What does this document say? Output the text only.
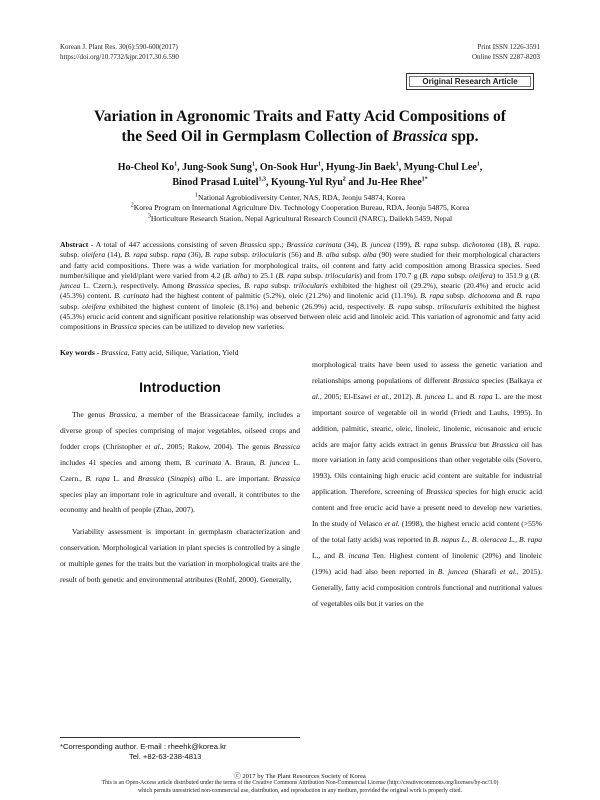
Korean J. Plant Res. 30(6):590-600(2017)
https://doi.org/10.7732/kjpr.2017.30.6.590
Print ISSN 1226-3591
Online ISSN 2287-8203
Original Research Article
Variation in Agronomic Traits and Fatty Acid Compositions of
the Seed Oil in Germplasm Collection of Brassica spp.
Ho-Cheol Ko$^1$, Jung-Sook Sung$^1$, On-Sook Hur$^1$, Hyung-Jin Baek$^1$, Myung-Chul Lee$^1$,
Binod Prasad Luitel$^{1,3}$, Kyoung-Yul Ryu$^2$ and Ju-Hee Rhee$^{1*}$
$^1$National Agrobiodiversity Center, NAS, RDA, Jeonju 54874, Korea
$^2$Korea Program on International Agriculture Div. Technology Cooperation Bureau, RDA, Jeonju 54875, Korea
$^3$Horticulture Research Station, Nepal Agricultural Research Council (NARC), Dailekh 5459, Nepal
Abstract - A total of 447 accessions consisting of seven Brassica spp.; Brassica carinata (34), B. juncea (199), B. rapa subsp. dichotoma (18), B. rapa. subsp. oleifera (14), B. rapa subsp. rapa (36), B. rapa subsp. trilocularis (56) and B. alba subsp. alba (90) were studied for their morphological characters and fatty acid compositions. There was a wide variation for morphological traits, oil content and fatty acid composition among Brassica species. Seed number/silique and yield/plant were varied from 4.2 (B. alba) to 25.1 (B. rapa subsp. trilocularis) and from 170.7 g (B. rapa subsp. oleifera) to 351.9 g (B. juncea L. Czern.), respectively. Among Brassica species, B. rapa subsp. trilocularis exhibited the highest oil (29.2%), stearic (20.4%) and erucic acid (45.3%) content. B. carinata had the highest content of palmitic (5.2%), oleic (21.2%) and linolenic acid (11.1%). B. rapa subsp. dichotoma and B. rapa subsp. oleifera exhibited the highest content of linoleic (8.1%) and behenic (26.9%) acid, respectively. B. rapa subsp. trilocularis exhibited the highest (45.3%) erucic acid content and significant positive relationship was observed between oleic acid and linoleic acid. This variation of agronomic and fatty acid compositions in Brassica species can be utilized to develop new varieties.
Key words - Brassica, Fatty acid, Silique, Variation, Yield
Introduction

The genus Brassica, a member of the Brassicaceae family, includes a diverse group of species comprising of major vegetables, oilseed crops and fodder crops (Christopher et al., 2005; Rakow, 2004). The genus Brassica includes 41 species and among them, B. carinata A. Braun, B. juncea L. Czern., B. rapa L. and Brassica (Sinapis) alba L. are important. Brassica species play an important role in agriculture and overall, it contributes to the economy and health of people (Zhao, 2007).

Variability assessment is important in germplasm characterization and conservation. Morphological variation in plant species is controlled by a single or multiple genes for the traits but the variation in morphological traits are the result of both genetic and environmental attributes (Rohlf, 2000). Generally,

morphological traits have been used to assess the genetic variation and relationships among populations of different Brassica species (Balkaya et al., 2005; El-Esawi et al., 2012). B. juncea L. and B. rapa L. are the most important source of vegetable oil in world (Friedt and Lauhs, 1995). In addition, palmitic, stearic, oleic, linoleic, linolenic, eicosanoic and erucic acids are major fatty acids extract in genus Brassica but Brassica oil has more variation in fatty acid compositions than other vegetable oils (Sovero, 1993). Oils containing high erucic acid content are suitable for industrial application. Therefore, screening of Brassica species for high erucic acid content and free erucic acid have a present need to develop new varieties. In the study of Velasco et al. (1998), the highest erucic acid content (>55% of the total fatty acids) was reported in B. napus L., B. oleracea L., B. rapa L., and B. incana Ten. Highest content of linolenic (20%) and linoleic (19%) acid had also been reported in B. juncea (Sharafi et al., 2015). Generally, fatty acid composition controls functional and nutritional values of vegetables oils but it varies on the

*Corresponding author. E-mail : rheehk@korea.kr
Tel. +82-63-238-4813
ⓒ 2017 by The Plant Resources Society of Korea
This is an Open-Access article distributed under the terms of the Creative Commons Attribution Non-Commercial License (http://creativecommons.org/licenses/by-nc/3.0)
which permits unrestricted non-commercial use, distribution, and reproduction in any medium, provided the original work is properly cited.
